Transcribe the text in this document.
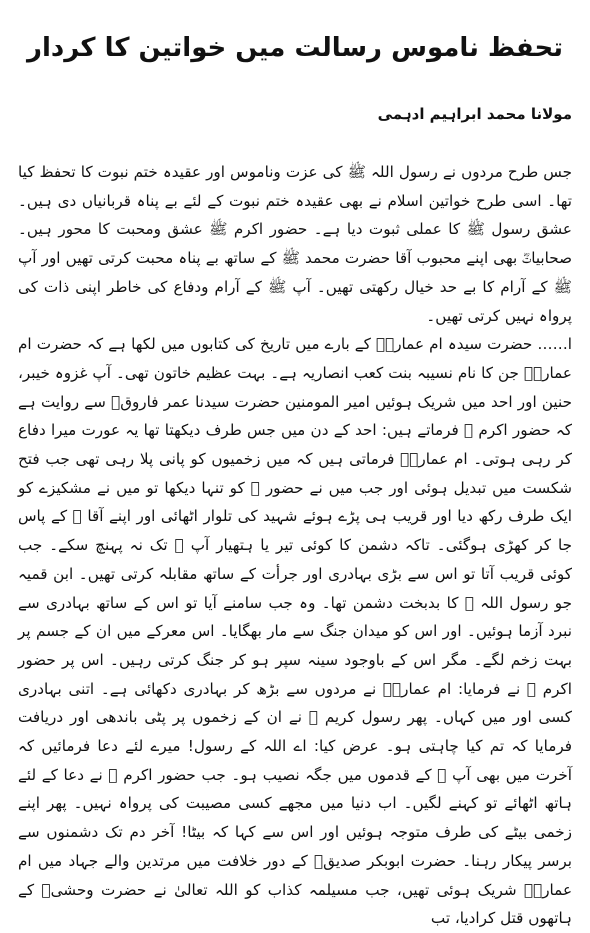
تحفظ ناموس رسالت میں خواتین کا کردار
مولانا محمد ابراہیم ادہمی

جس طرح مردوں نے رسول اللہ ﷺ کی عزت وناموس اور عقیدہ ختم نبوت کا تحفظ کیا تھا۔ اسی طرح خواتین اسلام نے بھی عقیدہ ختم نبوت کے لئے بے پناہ قربانیاں دی ہیں۔ عشق رسول ﷺ کا عملی ثبوت دیا ہے۔ حضور اکرم ﷺ عشق ومحبت کا محور ہیں۔ صحابیاتؓ بھی اپنے محبوب آقا حضرت محمد ﷺ کے ساتھ بے پناہ محبت کرتی تھیں اور آپ ﷺ کے آرام کا بے حد خیال رکھتی تھیں۔ آپ ﷺ کے آرام ودفاع کی خاطر اپنی ذات کی پرواہ نہیں کرتی تھیں۔

ا…… حضرت سیدہ ام عمارہؓ کے بارے میں تاریخ کی کتابوں میں لکھا ہے کہ حضرت ام عمارہؓ جن کا نام نسیبہ بنت کعب انصاریہ ہے۔ بہت عظیم خاتون تھی۔ آپ غزوہ خیبر، حنین اور احد میں شریک ہوئیں امیر المومنین حضرت سیدنا عمر فاروقؓ سے روایت ہے کہ حضور اکرم ﷺ فرماتے ہیں: احد کے دن میں جس طرف دیکھتا تھا یہ عورت میرا دفاع کر رہی ہوتی۔ ام عمارہؓ فرماتی ہیں کہ میں زخمیوں کو پانی پلا رہی تھی جب فتح شکست میں تبدیل ہوئی اور جب میں نے حضور ﷺ کو تنہا دیکھا تو میں نے مشکیزے کو ایک طرف رکھ دیا اور قریب ہی پڑے ہوئے شہید کی تلوار اٹھائی اور اپنے آقا ﷺ کے پاس جا کر کھڑی ہوگئی۔ تاکہ دشمن کا کوئی تیر یا ہتھیار آپ ﷺ تک نہ پہنچ سکے۔ جب کوئی قریب آتا تو اس سے بڑی بہادری اور جرأت کے ساتھ مقابلہ کرتی تھیں۔ ابن قمیہ جو رسول اللہ ﷺ کا بدبخت دشمن تھا۔ وہ جب سامنے آیا تو اس کے ساتھ بہادری سے نبرد آزما ہوئیں۔ اور اس کو میدان جنگ سے مار بھگایا۔ اس معرکے میں ان کے جسم پر بہت زخم لگے۔ مگر اس کے باوجود سینہ سپر ہو کر جنگ کرتی رہیں۔ اس پر حضور اکرم ﷺ نے فرمایا: ام عمارہؓ نے مردوں سے بڑھ کر بہادری دکھائی ہے۔ اتنی بہادری کسی اور میں کہاں۔ پھر رسول کریم ﷺ نے ان کے زخموں پر پٹی باندھی اور دریافت فرمایا کہ تم کیا چاہتی ہو۔ عرض کیا: اے اللہ کے رسول! میرے لئے دعا فرمائیں کہ آخرت میں بھی آپ ﷺ کے قدموں میں جگہ نصیب ہو۔ جب حضور اکرم ﷺ نے دعا کے لئے ہاتھ اٹھائے تو کہنے لگیں۔ اب دنیا میں مجھے کسی مصیبت کی پرواہ نہیں۔ پھر اپنے زخمی بیٹے کی طرف متوجہ ہوئیں اور اس سے کہا کہ بیٹا! آخر دم تک دشمنوں سے برسر پیکار رہنا۔ حضرت ابوبکر صدیقؓ کے دور خلافت میں مرتدین والے جہاد میں ام عمارہؓ شریک ہوئی تھیں، جب مسیلمہ کذاب کو اللہ تعالیٰ نے حضرت وحشیؓ کے ہاتھوں قتل کرادیا، تب
